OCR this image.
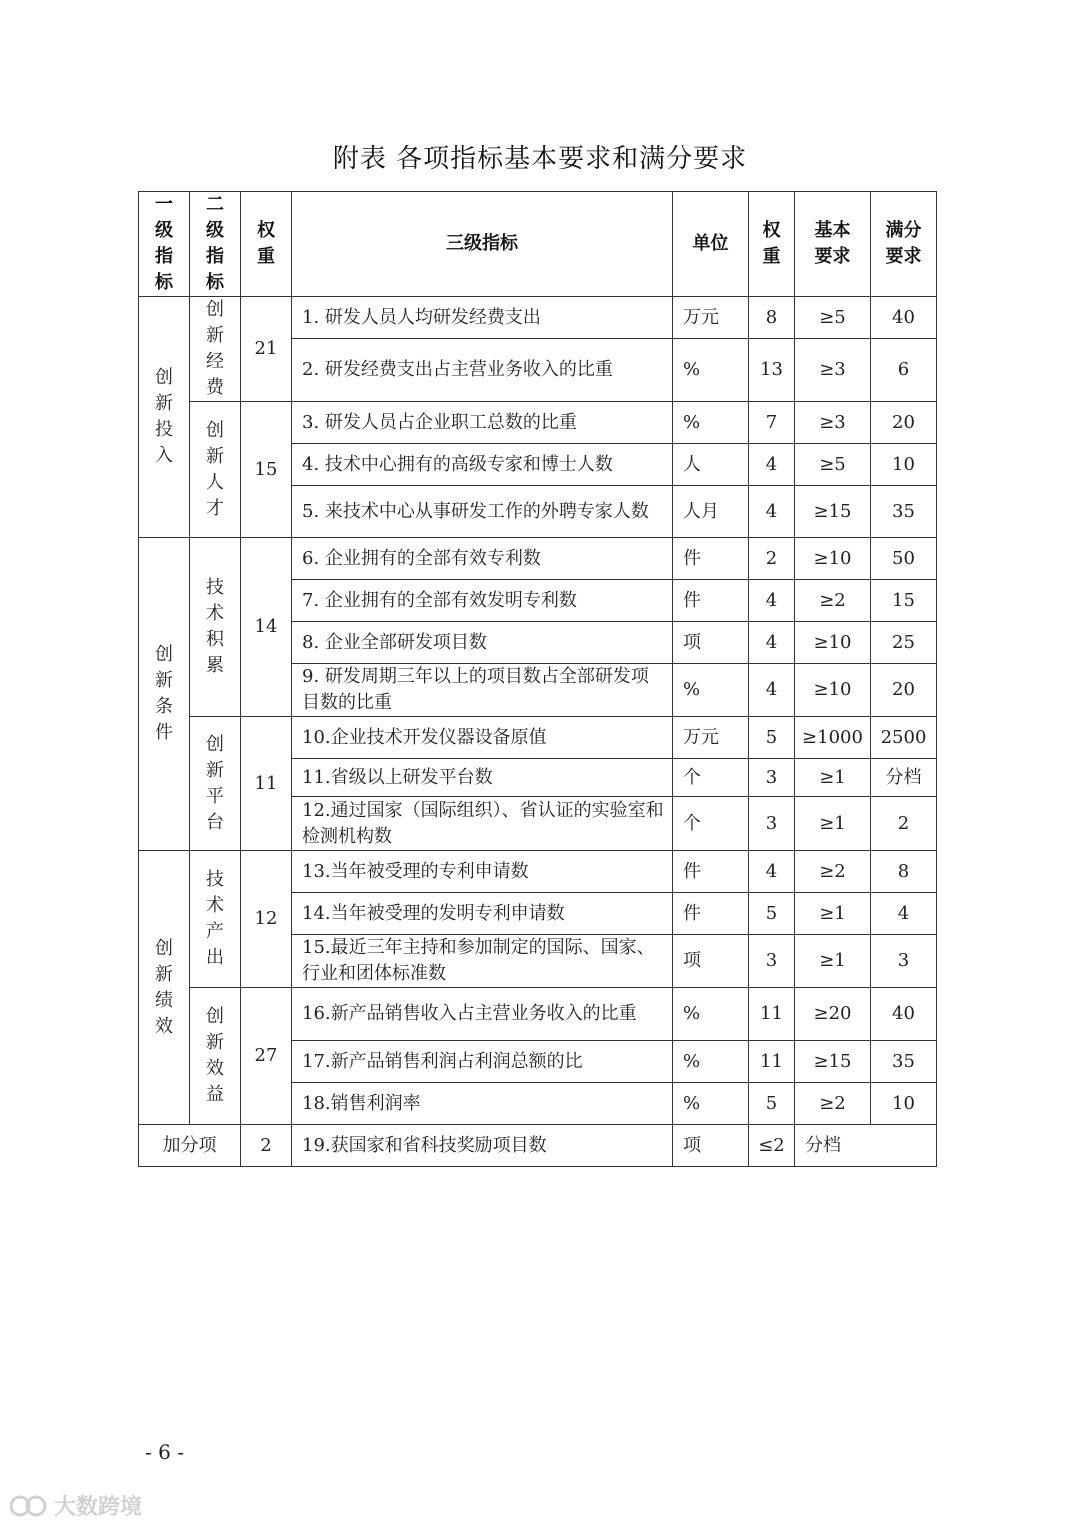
附表 各项指标基本要求和满分要求
一级指标	二级指标	权重	三级指标	单位	权重	基本要求	满分要求

创新投入	创新经费	21	1. 研发人员人均研发经费支出	万元	8	≥5	40
			2. 研发经费支出占主营业务收入的比重	%	13	≥3	6

	创新人才	15	3. 研发人员占企业职工总数的比重	%	7	≥3	20
			4. 技术中心拥有的高级专家和博士人数	人	4	≥5	10
			5. 来技术中心从事研发工作的外聘专家人数	人月	4	≥15	35

创新条件	技术积累	14	6. 企业拥有的全部有效专利数	件	2	≥10	50
			7. 企业拥有的全部有效发明专利数	件	4	≥2	15
			8. 企业全部研发项目数	项	4	≥10	25
			9. 研发周期三年以上的项目数占全部研发项目数的比重	%	4	≥10	20

	创新平台	11	10.企业技术开发仪器设备原值	万元	5	≥1000	2500
			11.省级以上研发平台数	个	3	≥1	分档
			12.通过国家（国际组织）、省认证的实验室和检测机构数	个	3	≥1	2

创新绩效	技术产出	12	13.当年被受理的专利申请数	件	4	≥2	8
			14.当年被受理的发明专利申请数	件	5	≥1	4
			15.最近三年主持和参加制定的国际、国家、行业和团体标准数	项	3	≥1	3

	创新效益	27	16.新产品销售收入占主营业务收入的比重	%	11	≥20	40
			17.新产品销售利润占利润总额的比	%	11	≥15	35
			18.销售利润率	%	5	≥2	10
加分项		2	19.获国家和省科技奖励项目数	项	≤2	分档	
- 6 -
大数跨境
